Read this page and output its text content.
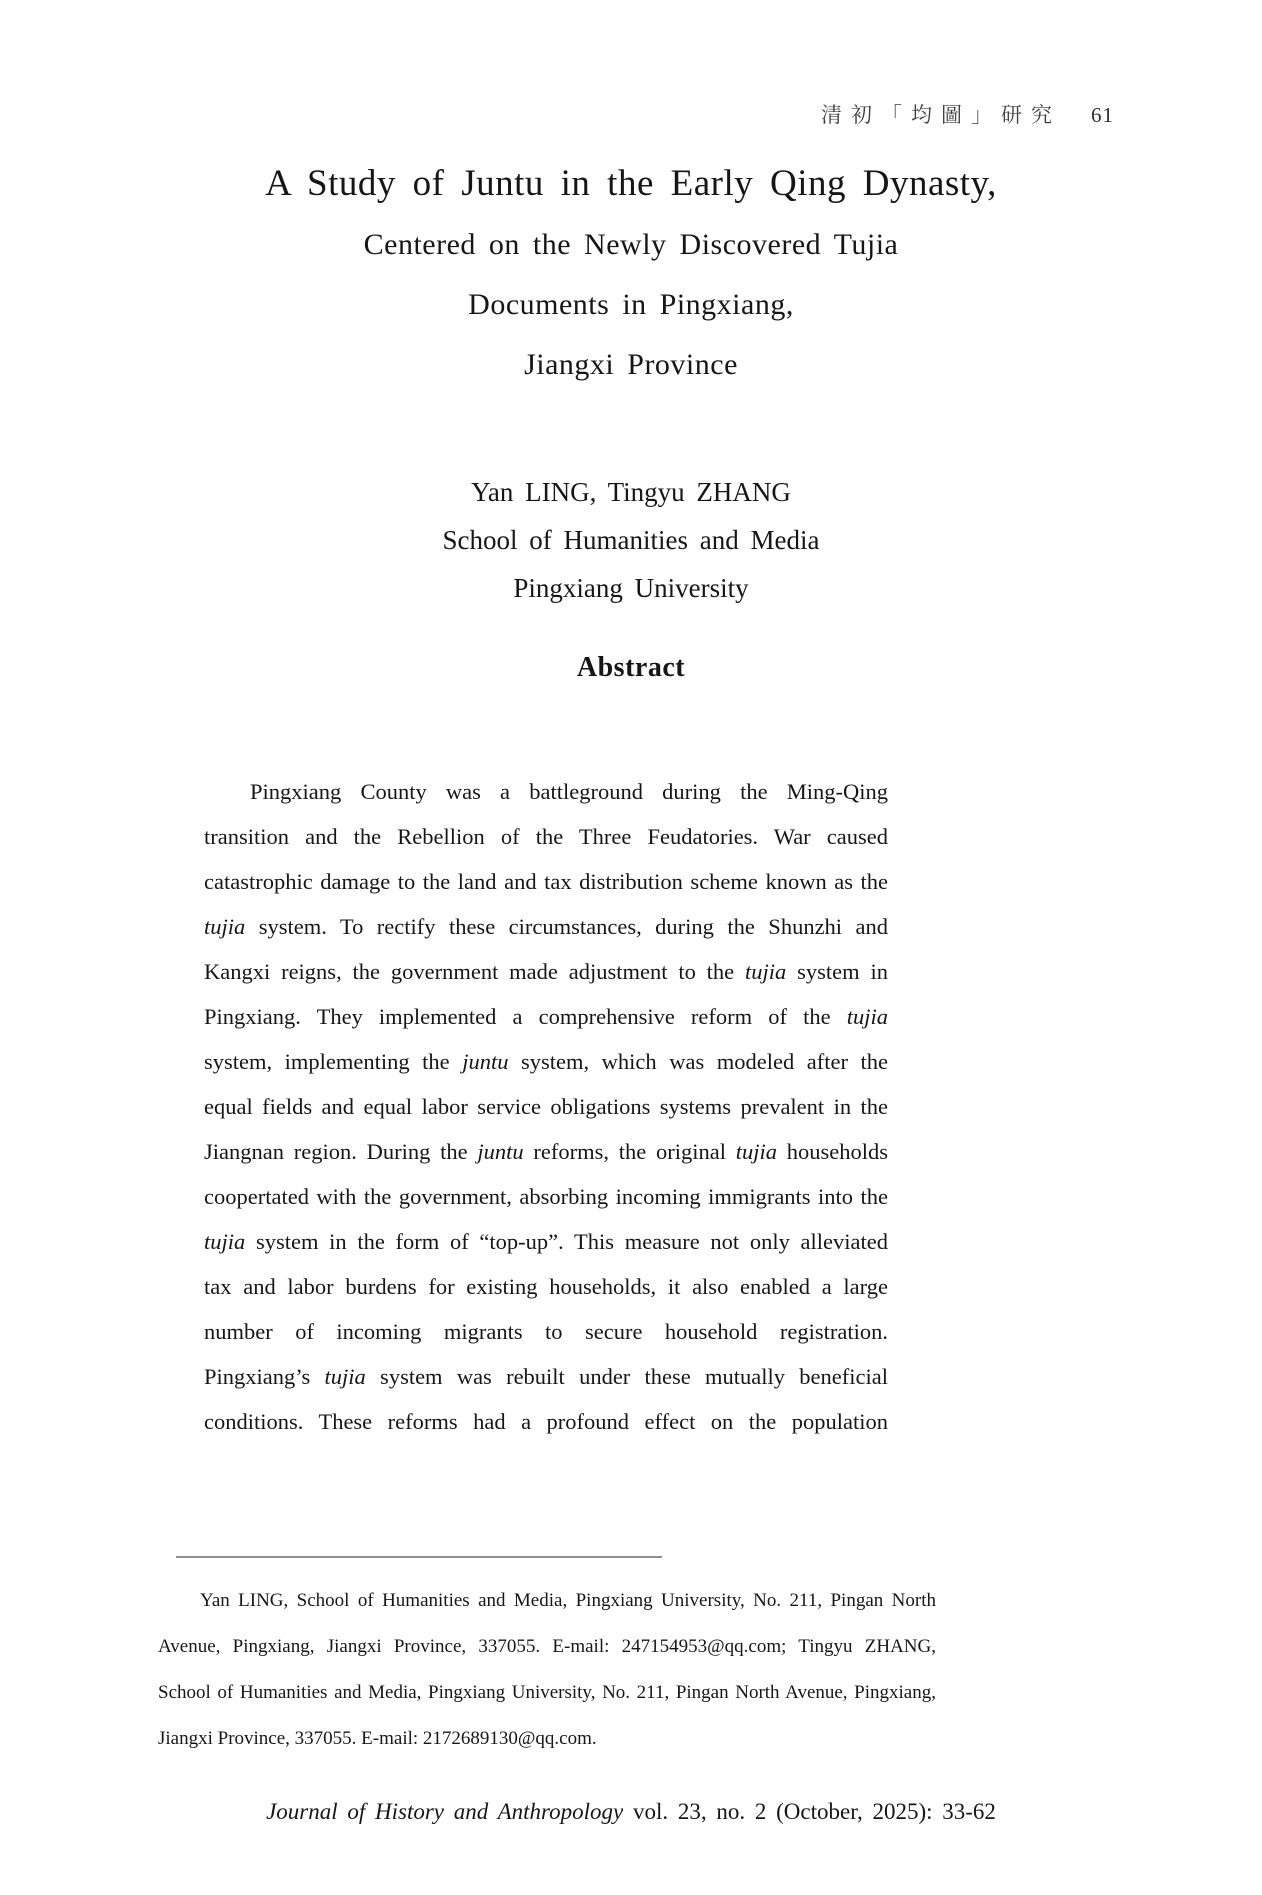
清初「均圖」研究 61
A Study of Juntu in the Early Qing Dynasty,
Centered on the Newly Discovered Tujia
Documents in Pingxiang,
Jiangxi Province
Yan LING, Tingyu ZHANG
School of Humanities and Media
Pingxiang University
Abstract
Pingxiang County was a battleground during the Ming-Qing
transition and the Rebellion of the Three Feudatories. War caused
catastrophic damage to the land and tax distribution scheme known as the
tujia system. To rectify these circumstances, during the Shunzhi and
Kangxi reigns, the government made adjustment to the tujia system in
Pingxiang. They implemented a comprehensive reform of the tujia
system, implementing the juntu system, which was modeled after the
equal fields and equal labor service obligations systems prevalent in the
Jiangnan region. During the juntu reforms, the original tujia households
coopertated with the government, absorbing incoming immigrants into the
tujia system in the form of “top-up”. This measure not only alleviated
tax and labor burdens for existing households, it also enabled a large
number of incoming migrants to secure household registration.
Pingxiang’s tujia system was rebuilt under these mutually beneficial
conditions. These reforms had a profound effect on the population
Yan LING, School of Humanities and Media, Pingxiang University, No. 211, Pingan North
Avenue, Pingxiang, Jiangxi Province, 337055. E-mail: 247154953@qq.com; Tingyu ZHANG,
School of Humanities and Media, Pingxiang University, No. 211, Pingan North Avenue, Pingxiang,
Jiangxi Province, 337055. E-mail: 2172689130@qq.com.
Journal of History and Anthropology vol. 23, no. 2 (October, 2025): 33-62
